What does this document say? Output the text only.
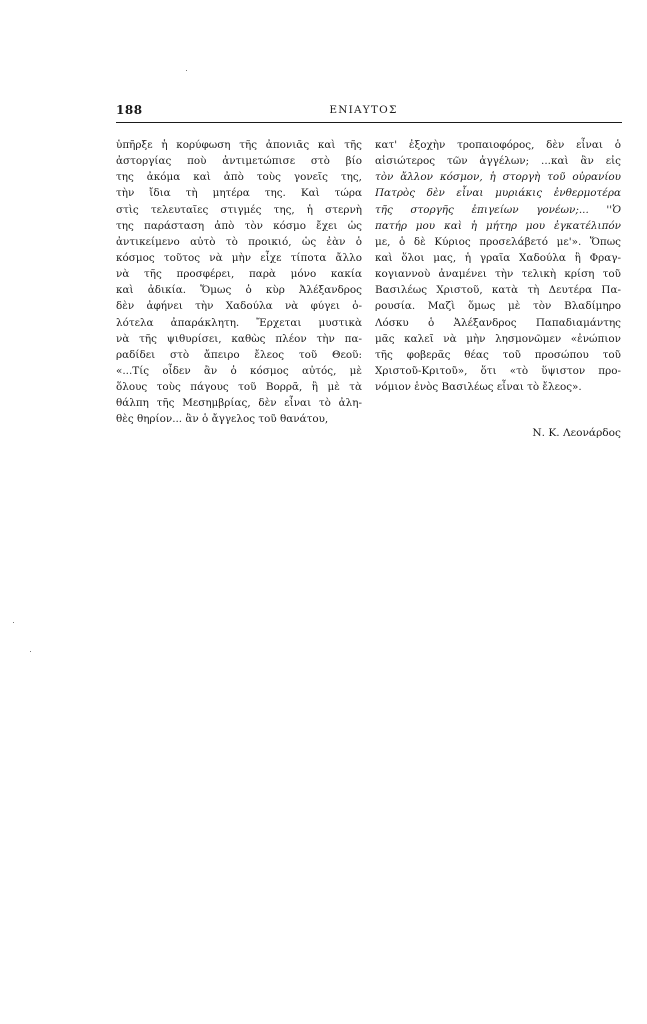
188	ΕΝΙΑΥΤΟΣ
ὑπῆρξε ἡ κορύφωση τῆς ἀπονιᾶς καὶ τῆς
ἀστοργίας ποὺ ἀντιμετώπισε στὸ βίο
της ἀκόμα καὶ ἀπὸ τοὺς γονεῖς της,
τὴν ἴδια τὴ μητέρα της. Καὶ τώρα
στὶς τελευταῖες στιγμές της, ἡ στερνὴ
της παράσταση ἀπὸ τὸν κόσμο ἔχει ὡς
ἀντικείμενο αὐτὸ τὸ προικιό, ὡς ἐὰν ὁ
κόσμος τοῦτος νὰ μὴν εἶχε τίποτα ἄλλο
νὰ τῆς προσφέρει, παρὰ μόνο κακία
καὶ ἀδικία. Ὅμως ὁ κὺρ Ἀλέξανδρος
δὲν ἀφήνει τὴν Χαδούλα νὰ φύγει ὁ-
λότελα ἀπαράκλητη. Ἔρχεται μυστικὰ
νὰ τῆς ψιθυρίσει, καθὼς πλέον τὴν πα-
ραδίδει στὸ ἄπειρο ἔλεος τοῦ Θεοῦ:
«...Τίς οἶδεν ἂν ὁ κόσμος αὐτός, μὲ
ὅλους τοὺς πάγους τοῦ Βορρᾶ, ἢ μὲ τὰ
θάλπη τῆς Μεσημβρίας, δὲν εἶναι τὸ ἀλη-
θὲς θηρίον... ἂν ὁ ἄγγελος τοῦ θανάτου,
κατ' ἐξοχὴν τροπαιοφόρος, δὲν εἶναι ὁ
αἰσιώτερος τῶν ἀγγέλων; ...καὶ ἂν εἰς
τὸν ἄλλον κόσμον, ἡ στοργὴ τοῦ οὐρανίου
Πατρὸς δὲν εἶναι μυριάκις ἐνθερμοτέρα
τῆς στοργῆς ἐπιγείων γονέων;... ''Ὁ
πατήρ μου καὶ ἡ μήτηρ μου ἐγκατέλιπόν
με, ὁ δὲ Κύριος προσελάβετό με'». Ὅπως
καὶ ὅλοι μας, ἡ γραῖα Χαδούλα ἢ Φραγ-
κογιαννοὺ ἀναμένει τὴν τελικὴ κρίση τοῦ
Βασιλέως Χριστοῦ, κατὰ τὴ Δευτέρα Πα-
ρουσία. Μαζὶ ὅμως μὲ τὸν Βλαδίμηρο
Λόσκυ ὁ Ἀλέξανδρος Παπαδιαμάντης
μᾶς καλεῖ νὰ μὴν λησμονῶμεν «ἐνώπιον
τῆς φοβερᾶς θέας τοῦ προσώπου τοῦ
Χριστοῦ-Κριτοῦ», ὅτι «τὸ ὕψιστον προ-
νόμιον ἑνὸς Βασιλέως εἶναι τὸ ἔλεος».
Ν. Κ. Λεονάρδος
